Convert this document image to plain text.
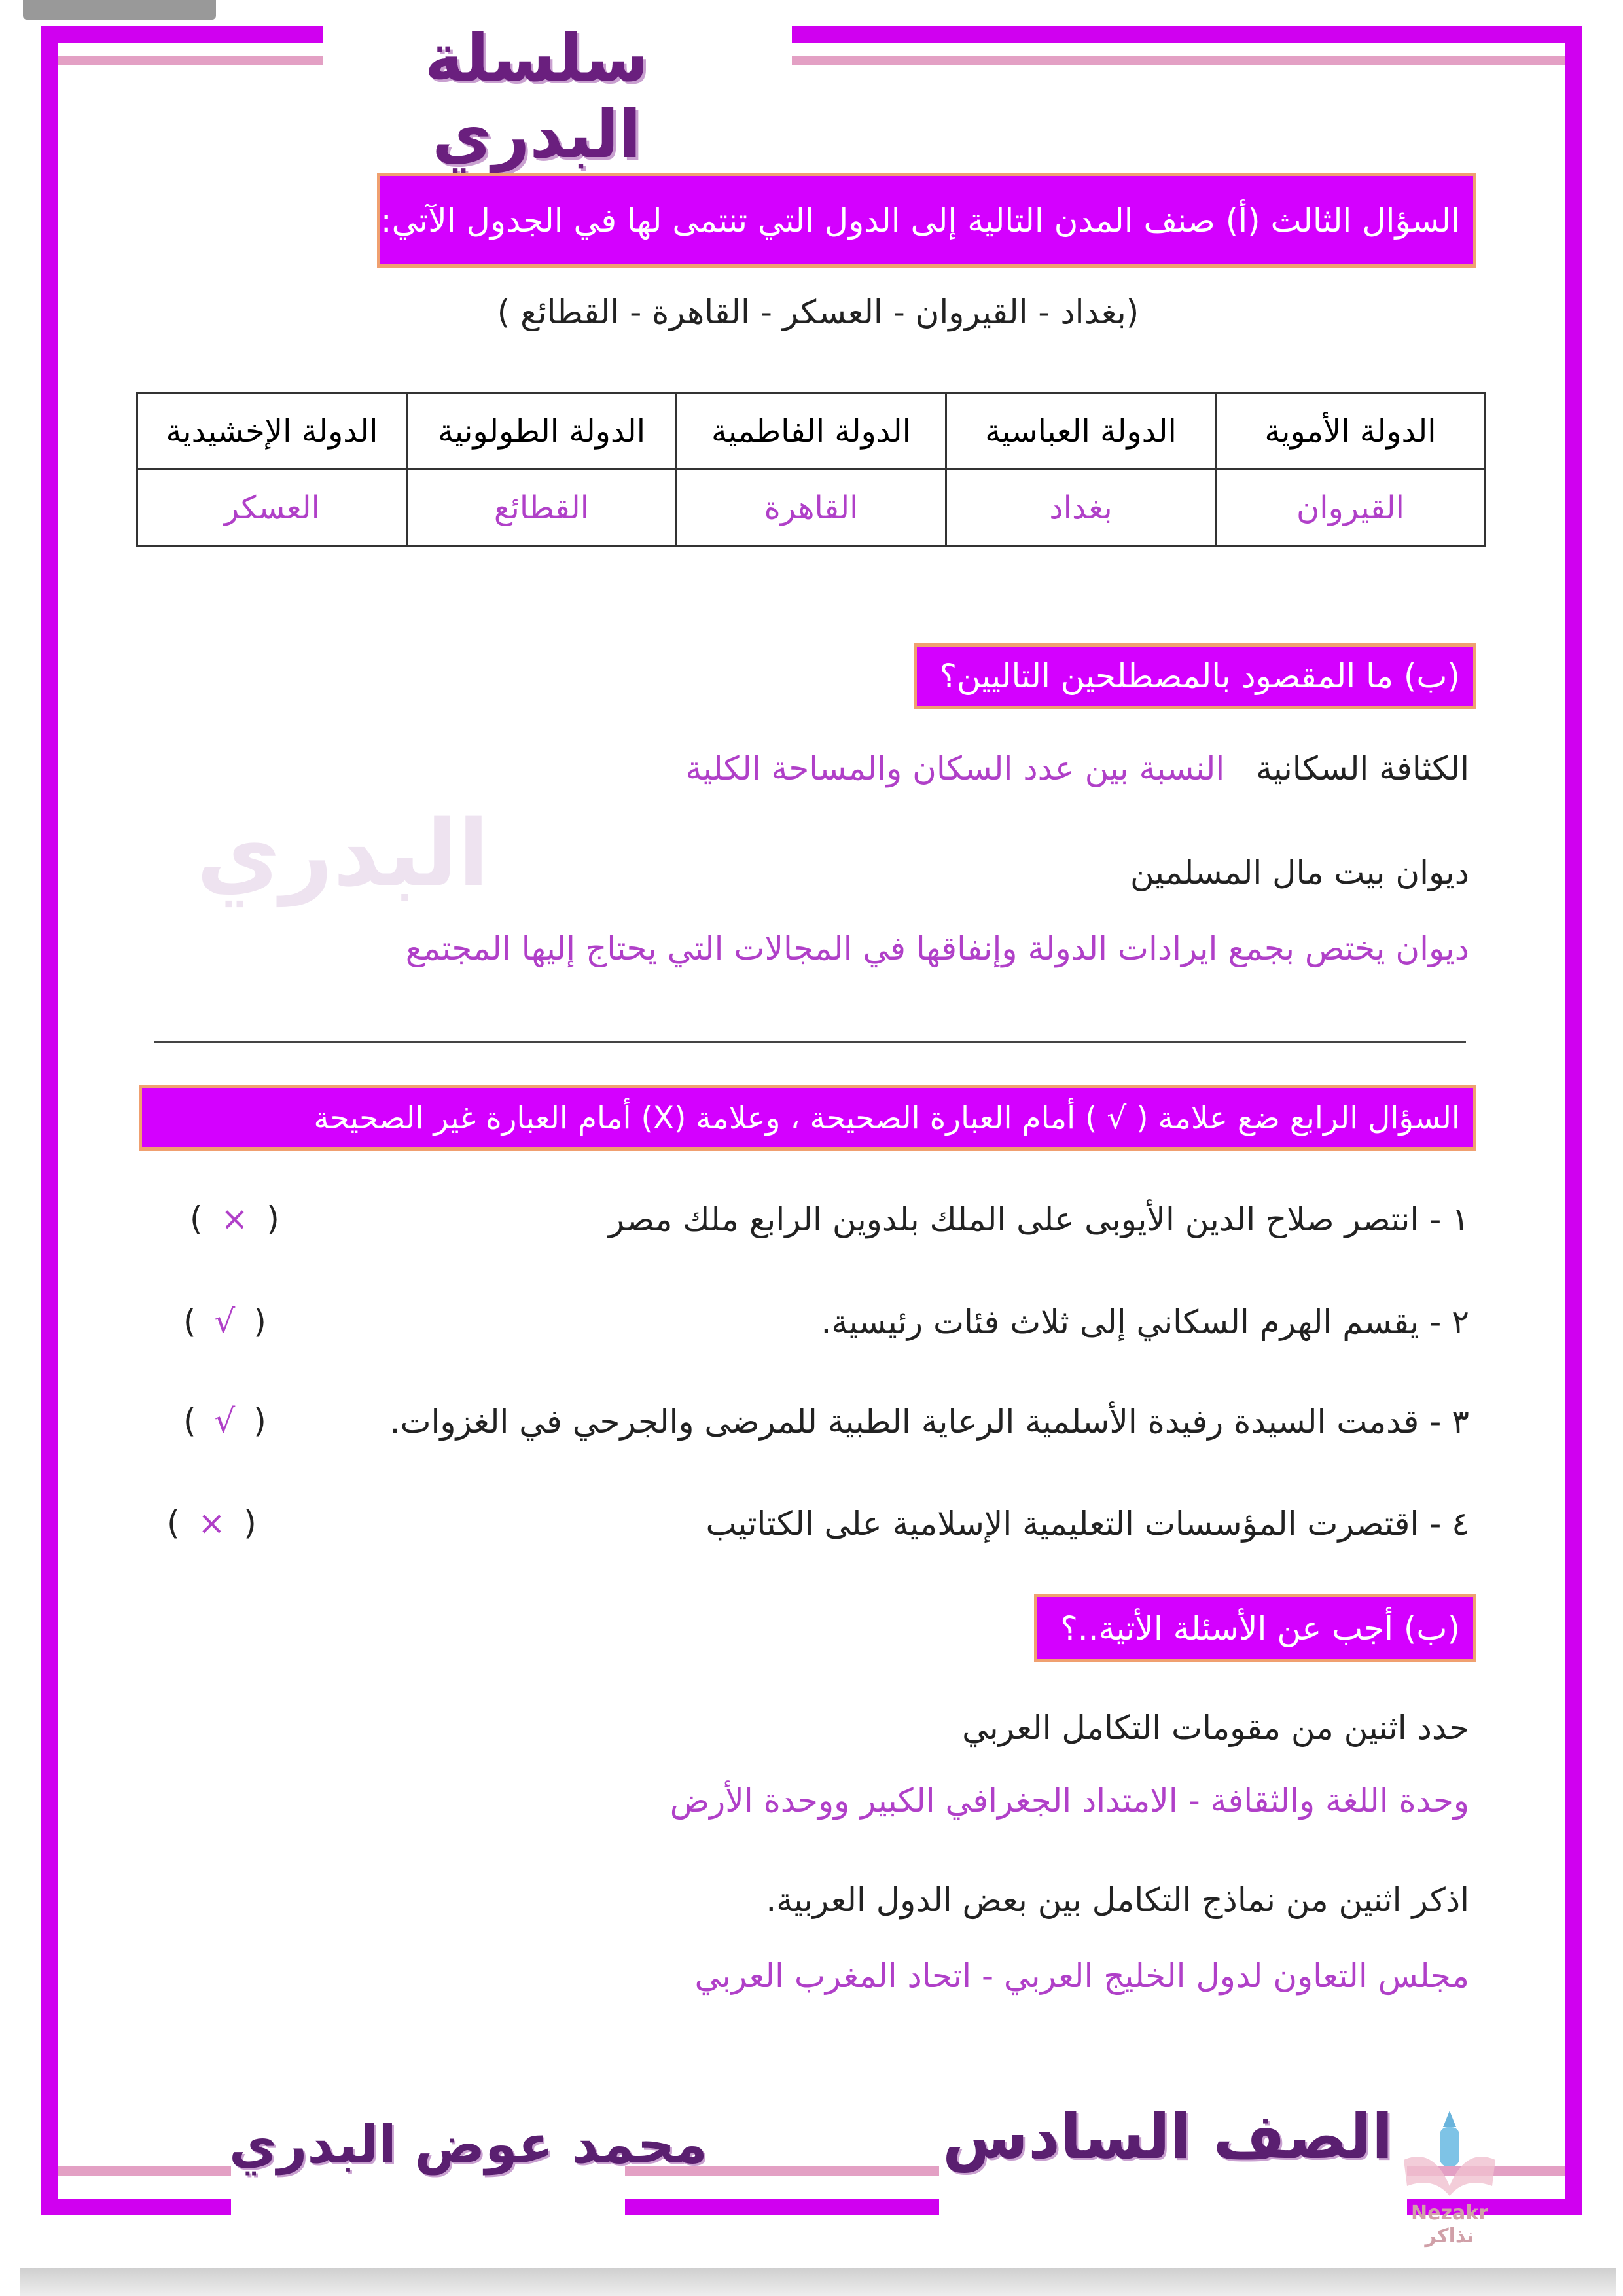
سلسلة البدري
البدري
السؤال الثالث (أ) صنف المدن التالية إلى الدول التي تنتمى لها في الجدول الآتي:
(بغداد - القيروان - العسكر - القاهرة - القطائع )
الدولة الأموية	الدولة العباسية	الدولة الفاطمية	الدولة الطولونية	الدولة الإخشيدية
القيروان	بغداد	القاهرة	القطائع	العسكر
(ب) ما المقصود بالمصطلحين التاليين؟
الكثافة السكانية   النسبة بين عدد السكان والمساحة الكلية
ديوان بيت مال المسلمين
ديوان يختص بجمع ايرادات الدولة وإنفاقها في المجالات التي يحتاج إليها المجتمع
السؤال الرابع ضع علامة ( √ ) أمام العبارة الصحيحة ، وعلامة (X) أمام العبارة غير الصحيحة
١ - انتصر صلاح الدين الأيوبى على الملك بلدوين الرابع ملك مصر
( × )
٢ - يقسم الهرم السكاني إلى ثلاث فئات رئيسية.
( √ )
٣ - قدمت السيدة رفيدة الأسلمية الرعاية الطبية للمرضى والجرحي في الغزوات.
( √ )
٤ - اقتصرت المؤسسات التعليمية الإسلامية على الكتاتيب
( × )
(ب) أجب عن الأسئلة الأتية..؟
حدد اثنين من مقومات التكامل العربي
وحدة اللغة والثقافة - الامتداد الجغرافي الكبير ووحدة الأرض
اذكر اثنين من نماذج التكامل بين بعض الدول العربية.
مجلس التعاون لدول الخليج العربي - اتحاد المغرب العربي
محمد عوض البدري	الصف السادس
Nezakr نذاكر
